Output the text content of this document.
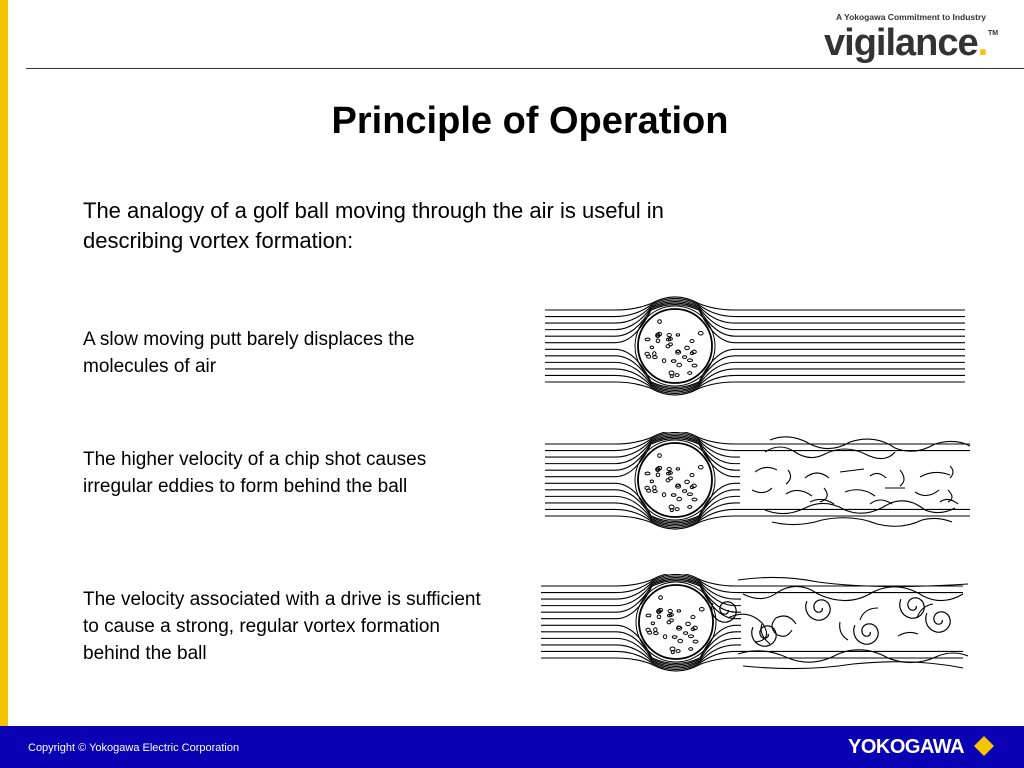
A Yokogawa Commitment to Industry
vigilance. TM
Principle of Operation
The analogy of a golf ball moving through the air is useful in describing vortex formation:
A slow moving putt barely displaces the molecules of air
The higher velocity of a chip shot causes irregular eddies to form behind the ball
The velocity associated with a drive is sufficient to cause a strong, regular vortex formation behind the ball
Copyright © Yokogawa Electric Corporation	YOKOGAWA
